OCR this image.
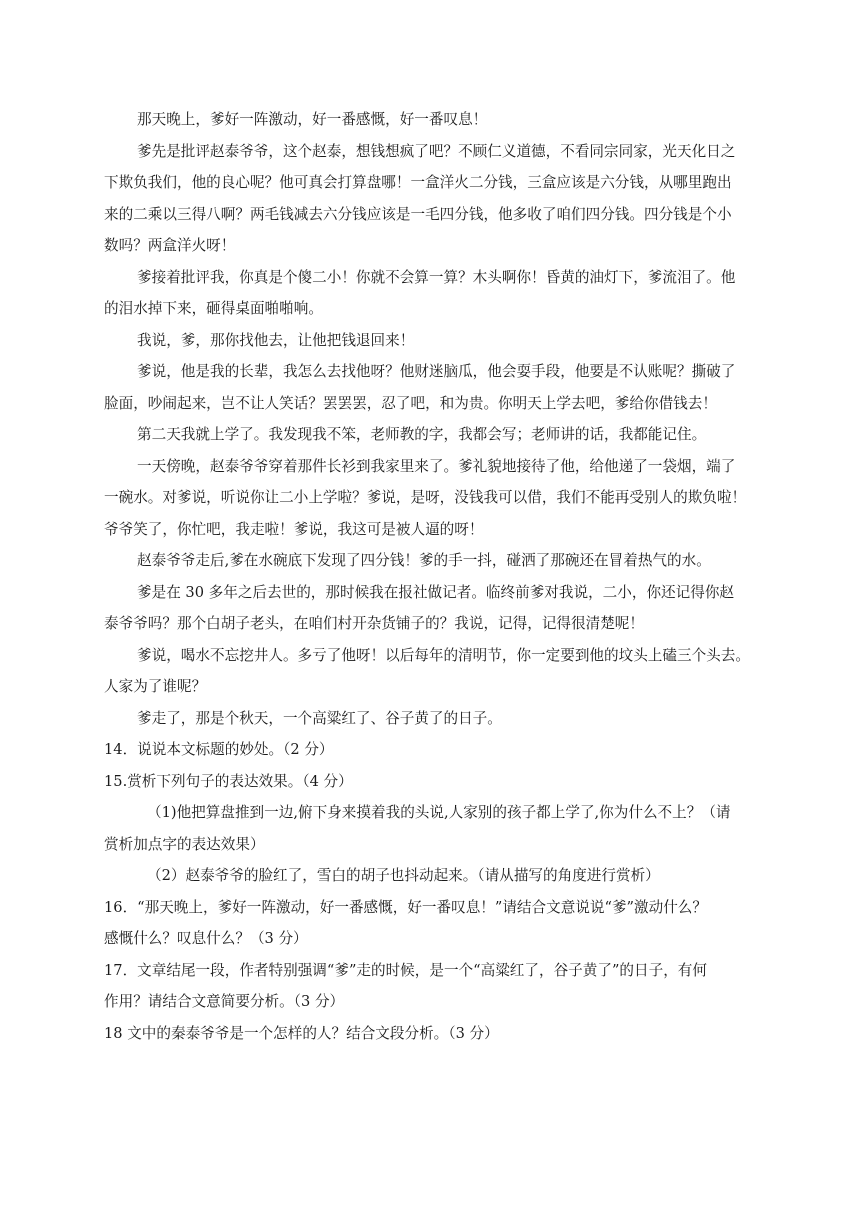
那天晚上，爹好一阵激动，好一番感慨，好一番叹息！
爹先是批评赵泰爷爷，这个赵泰，想钱想疯了吧？不顾仁义道德，不看同宗同家，光天化日之
下欺负我们，他的良心呢？他可真会打算盘哪！一盒洋火二分钱，三盒应该是六分钱，从哪里跑出
来的二乘以三得八啊？两毛钱减去六分钱应该是一毛四分钱，他多收了咱们四分钱。四分钱是个小
数吗？两盒洋火呀！
爹接着批评我，你真是个傻二小！你就不会算一算？木头啊你！昏黄的油灯下，爹流泪了。他
的泪水掉下来，砸得桌面啪啪响。
我说，爹，那你找他去，让他把钱退回来！
爹说，他是我的长辈，我怎么去找他呀？他财迷脑瓜，他会耍手段，他要是不认账呢？撕破了
脸面，吵闹起来，岂不让人笑话？罢罢罢，忍了吧，和为贵。你明天上学去吧，爹给你借钱去！
第二天我就上学了。我发现我不笨，老师教的字，我都会写；老师讲的话，我都能记住。
一天傍晚，赵泰爷爷穿着那件长衫到我家里来了。爹礼貌地接待了他，给他递了一袋烟，端了
一碗水。对爹说，听说你让二小上学啦？爹说，是呀，没钱我可以借，我们不能再受别人的欺负啦！
爷爷笑了，你忙吧，我走啦！爹说，我这可是被人逼的呀！
赵泰爷爷走后,爹在水碗底下发现了四分钱！爹的手一抖，碰洒了那碗还在冒着热气的水。
爹是在 30 多年之后去世的，那时候我在报社做记者。临终前爹对我说，二小，你还记得你赵
泰爷爷吗？那个白胡子老头，在咱们村开杂货铺子的？我说，记得，记得很清楚呢！
爹说，喝水不忘挖井人。多亏了他呀！以后每年的清明节，你一定要到他的坟头上磕三个头去。
人家为了谁呢？
爹走了，那是个秋天，一个高粱红了、谷子黄了的日子。
14．说说本文标题的妙处。（2 分）
15.赏析下列句子的表达效果。（4 分）
（1)他把算盘推到一边,俯下身来摸着我的头说,人家别的孩子都上学了,你为什么不上？（请
赏析加点字的表达效果）
（2）赵泰爷爷的脸红了，雪白的胡子也抖动起来。（请从描写的角度进行赏析）
16．“那天晚上，爹好一阵激动，好一番感慨，好一番叹息！”请结合文意说说“爹”激动什么？
感慨什么？叹息什么？（3 分）
17．文章结尾一段，作者特别强调“爹”走的时候，是一个“高粱红了，谷子黄了”的日子，有何
作用？请结合文意简要分析。（3 分）
18 文中的秦泰爷爷是一个怎样的人？结合文段分析。（3 分）
